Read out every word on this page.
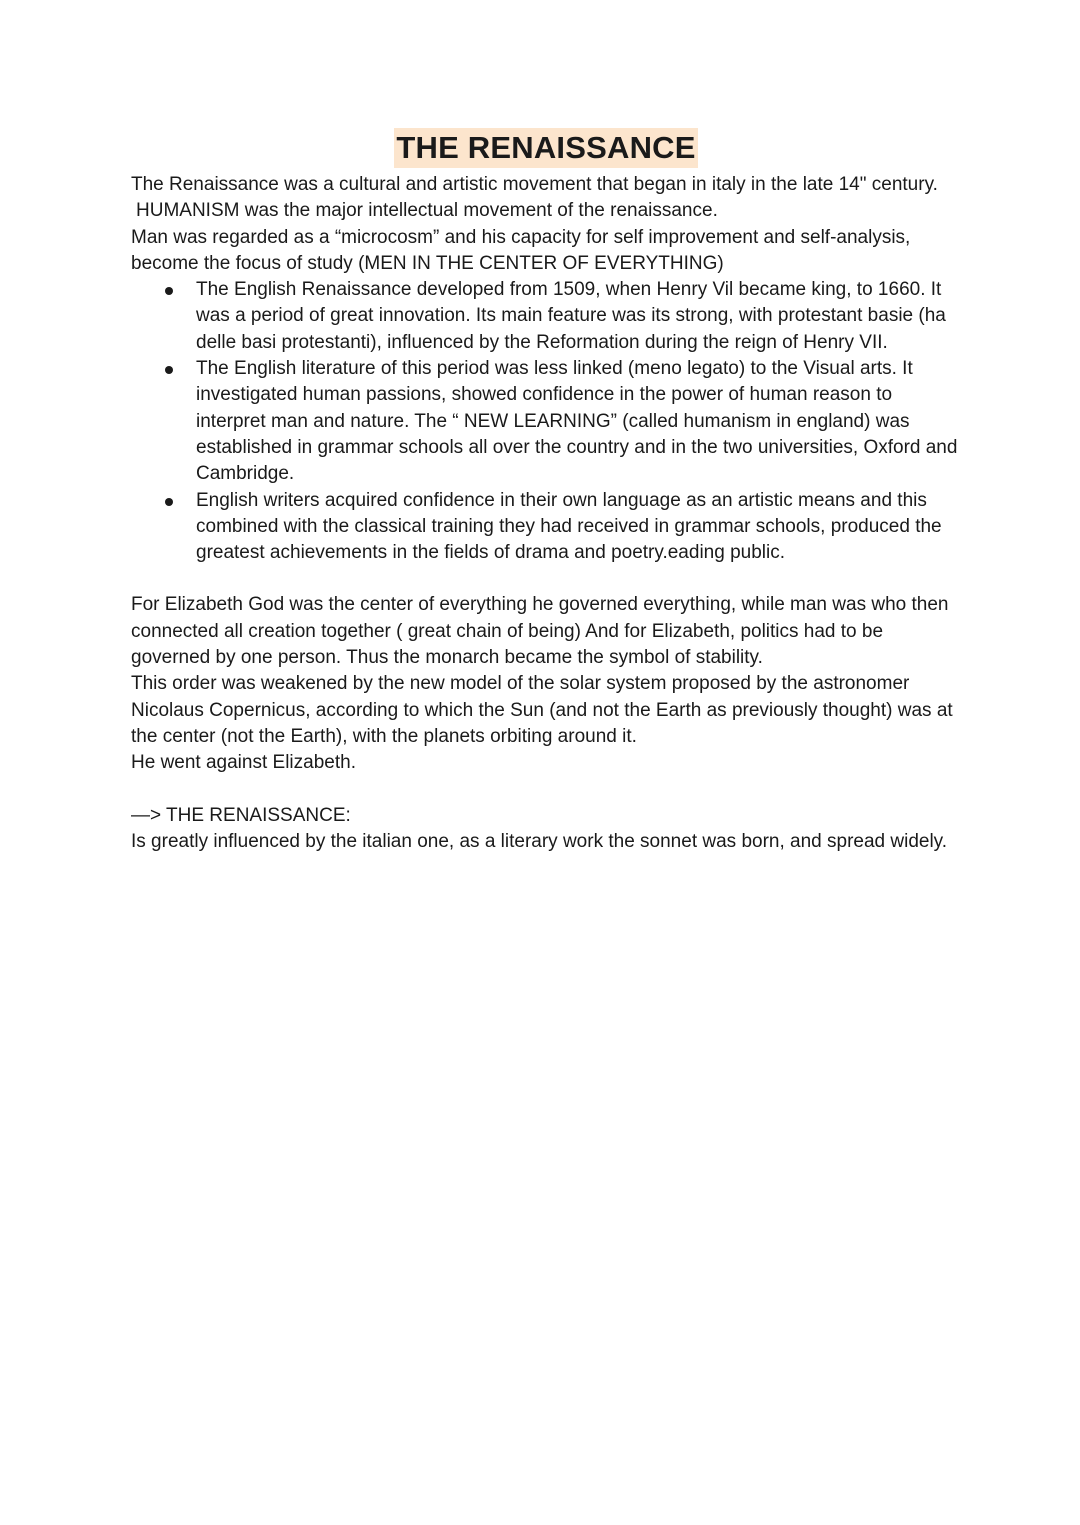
THE RENAISSANCE

The Renaissance was a cultural and artistic movement that began in italy in the late 14" century.

HUMANISM was the major intellectual movement of the renaissance.

Man was regarded as a “microcosm” and his capacity for self improvement and self-analysis, become the focus of study (MEN IN THE CENTER OF EVERYTHING)

The English Renaissance developed from 1509, when Henry Vil became king, to 1660. It was a period of great innovation. Its main feature was its strong, with protestant basie (ha delle basi protestanti), influenced by the Reformation during the reign of Henry VII.
The English literature of this period was less linked (meno legato) to the Visual arts. It investigated human passions, showed confidence in the power of human reason to interpret man and nature. The “ NEW LEARNING” (called humanism in england) was established in grammar schools all over the country and in the two universities, Oxford and Cambridge.
English writers acquired confidence in their own language as an artistic means and this combined with the classical training they had received in grammar schools, produced the greatest achievements in the fields of drama and poetry.eading public.

For Elizabeth God was the center of everything he governed everything, while man was who then connected all creation together ( great chain of being) And for Elizabeth, politics had to be governed by one person. Thus the monarch became the symbol of stability.

This order was weakened by the new model of the solar system proposed by the astronomer Nicolaus Copernicus, according to which the Sun (and not the Earth as previously thought) was at the center (not the Earth), with the planets orbiting around it.

He went against Elizabeth.

—> THE RENAISSANCE:

Is greatly influenced by the italian one, as a literary work the sonnet was born, and spread widely.
